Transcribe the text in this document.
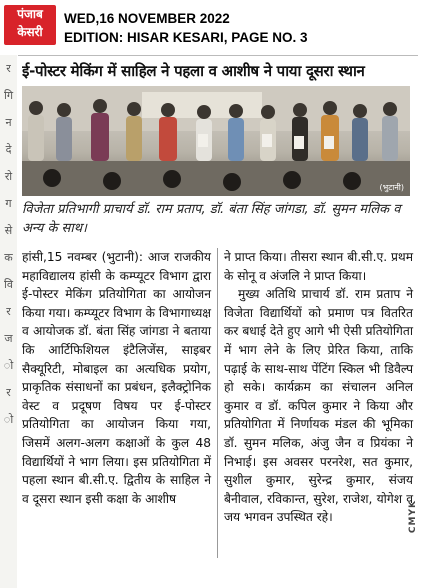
पंजाब
केसरी
WED,16 NOVEMBER 2022
EDITION: HISAR KESARI, PAGE NO. 3
र
गि
न
दे
रो
ग
से
क
वि
र
ज
ो
र
ो
ई-पोस्टर मेकिंग में साहिल ने पहला व आशीष ने पाया दूसरा स्थान
(भुटानी)
विजेता प्रतिभागी प्राचार्य डॉ. राम प्रताप, डॉ. बंता सिंह जांगडा, डॉ. सुमन मलिक व अन्य के साथ।

हांसी,15 नवम्बर (भुटानी): आज राजकीय महाविद्यालय हांसी के कम्प्यूटर विभाग द्वारा ई-पोस्टर मेकिंग प्रतियोगिता का आयोजन किया गया। कम्प्यूटर विभाग के विभागाध्यक्ष व आयोजक डॉ. बंता सिंह जांगडा ने बताया कि आर्टिफिशियल इंटैलिजेंस, साइबर सैक्यूरिटी, मोबाइल का अत्यधिक प्रयोग, प्राकृतिक संसाधनों का प्रबंधन, इलैक्ट्रोनिक वेस्ट व प्रदूषण विषय पर ई-पोस्टर प्रतियोगिता का आयोजन किया गया, जिसमें अलग-अलग कक्षाओं के कुल 48 विद्यार्थियों ने भाग लिया। इस प्रतियोगिता में पहला स्थान बी.सी.ए. द्वितीय के साहिल ने व दूसरा स्थान इसी कक्षा के आशीष

ने प्राप्त किया। तीसरा स्थान बी.सी.ए. प्रथम के सोनू व अंजलि ने प्राप्त किया।

मुख्य अतिथि प्राचार्य डॉ. राम प्रताप ने विजेता विद्यार्थियों को प्रमाण पत्र वितरित कर बधाई देते हुए आगे भी ऐसी प्रतियोगिता में भाग लेने के लिए प्रेरित किया, ताकि पढ़ाई के साथ-साथ पेंटिंग स्किल भी डिवैल्प हो सके। कार्यक्रम का संचालन अनिल कुमार व डॉ. कपिल कुमार ने किया और प्रतियोगिता में निर्णायक मंडल की भूमिका डॉ. सुमन मलिक, अंजु जैन व प्रियंका ने निभाई। इस अवसर परनरेश, सत कुमार, सुशील कुमार, सुरेन्द्र कुमार, संजय बैनीवाल, रविकान्त, सुरेश, राजेश, योगेश व जय भगवन उपस्थित रहे।	CMYK
